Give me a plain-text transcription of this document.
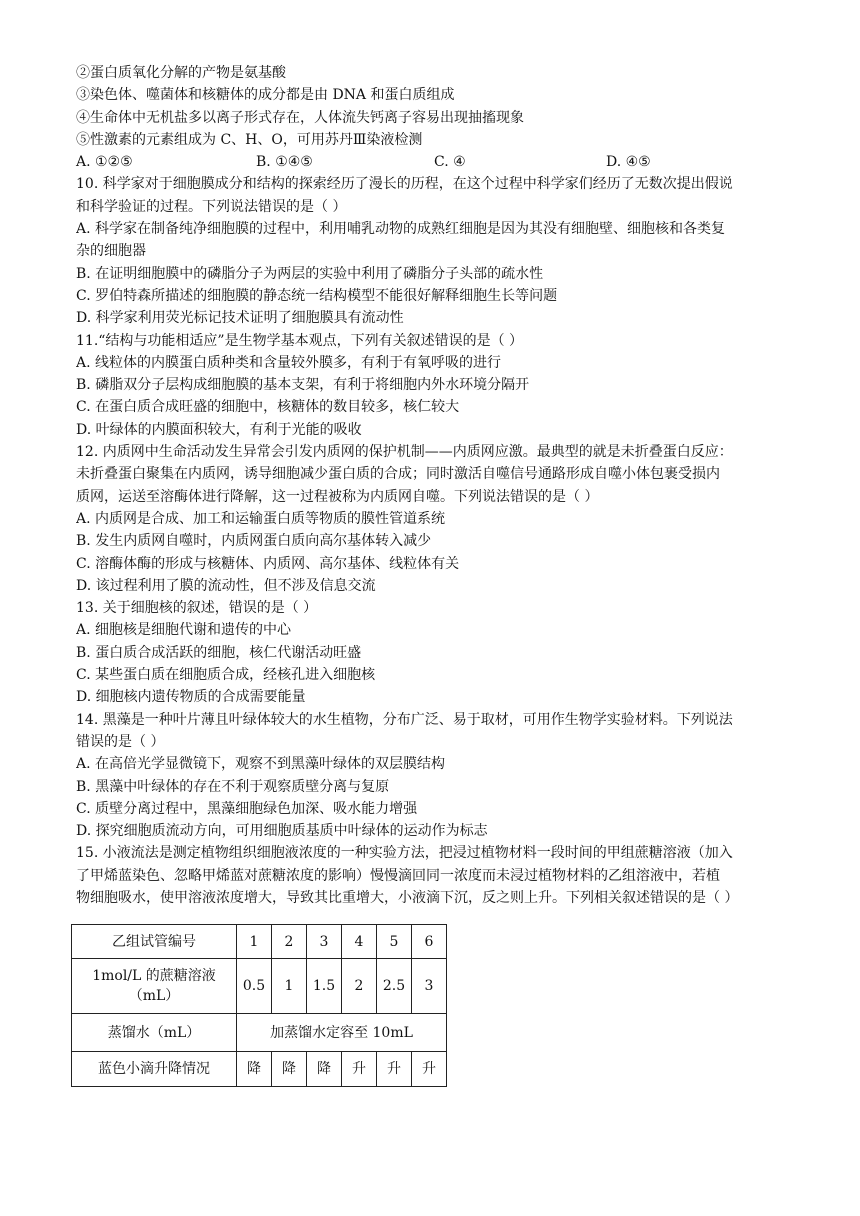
②蛋白质氧化分解的产物是氨基酸
③染色体、噬菌体和核糖体的成分都是由 DNA 和蛋白质组成
④生命体中无机盐多以离子形式存在，人体流失钙离子容易出现抽搐现象
⑤性激素的元素组成为 C、H、O，可用苏丹Ⅲ染液检测
A. ①②⑤	B. ①④⑤	C. ④	D. ④⑤
10. 科学家对于细胞膜成分和结构的探索经历了漫长的历程，在这个过程中科学家们经历了无数次提出假说
和科学验证的过程。下列说法错误的是（ ）
A. 科学家在制备纯净细胞膜的过程中，利用哺乳动物的成熟红细胞是因为其没有细胞壁、细胞核和各类复
杂的细胞器
B. 在证明细胞膜中的磷脂分子为两层的实验中利用了磷脂分子头部的疏水性
C. 罗伯特森所描述的细胞膜的静态统一结构模型不能很好解释细胞生长等问题
D. 科学家利用荧光标记技术证明了细胞膜具有流动性
11.“结构与功能相适应”是生物学基本观点，下列有关叙述错误的是（ ）
A. 线粒体的内膜蛋白质种类和含量较外膜多，有利于有氧呼吸的进行
B. 磷脂双分子层构成细胞膜的基本支架，有利于将细胞内外水环境分隔开
C. 在蛋白质合成旺盛的细胞中，核糖体的数目较多，核仁较大
D. 叶绿体的内膜面积较大，有利于光能的吸收
12. 内质网中生命活动发生异常会引发内质网的保护机制——内质网应激。最典型的就是未折叠蛋白反应：
未折叠蛋白聚集在内质网，诱导细胞减少蛋白质的合成；同时激活自噬信号通路形成自噬小体包裹受损内
质网，运送至溶酶体进行降解，这一过程被称为内质网自噬。下列说法错误的是（ ）
A. 内质网是合成、加工和运输蛋白质等物质的膜性管道系统
B. 发生内质网自噬时，内质网蛋白质向高尔基体转入减少
C. 溶酶体酶的形成与核糖体、内质网、高尔基体、线粒体有关
D. 该过程利用了膜的流动性，但不涉及信息交流
13. 关于细胞核的叙述，错误的是（ ）
A. 细胞核是细胞代谢和遗传的中心
B. 蛋白质合成活跃的细胞，核仁代谢活动旺盛
C. 某些蛋白质在细胞质合成，经核孔进入细胞核
D. 细胞核内遗传物质的合成需要能量
14. 黑藻是一种叶片薄且叶绿体较大的水生植物，分布广泛、易于取材，可用作生物学实验材料。下列说法
错误的是（ ）
A. 在高倍光学显微镜下，观察不到黑藻叶绿体的双层膜结构
B. 黑藻中叶绿体的存在不利于观察质壁分离与复原
C. 质壁分离过程中，黑藻细胞绿色加深、吸水能力增强
D. 探究细胞质流动方向，可用细胞质基质中叶绿体的运动作为标志
15. 小液流法是测定植物组织细胞液浓度的一种实验方法，把浸过植物材料一段时间的甲组蔗糖溶液（加入
了甲烯蓝染色、忽略甲烯蓝对蔗糖浓度的影响）慢慢滴回同一浓度而未浸过植物材料的乙组溶液中，若植
物细胞吸水，使甲溶液浓度增大，导致其比重增大，小液滴下沉，反之则上升。下列相关叙述错误的是（ ）
乙组试管编号	1	2	3	4	5	6

1mol/L 的蔗糖溶液
（mL）	0.5	1	1.5	2	2.5	3
蒸馏水（mL）	加蒸馏水定容至 10mL					
蓝色小滴升降情况	降	降	降	升	升	升
